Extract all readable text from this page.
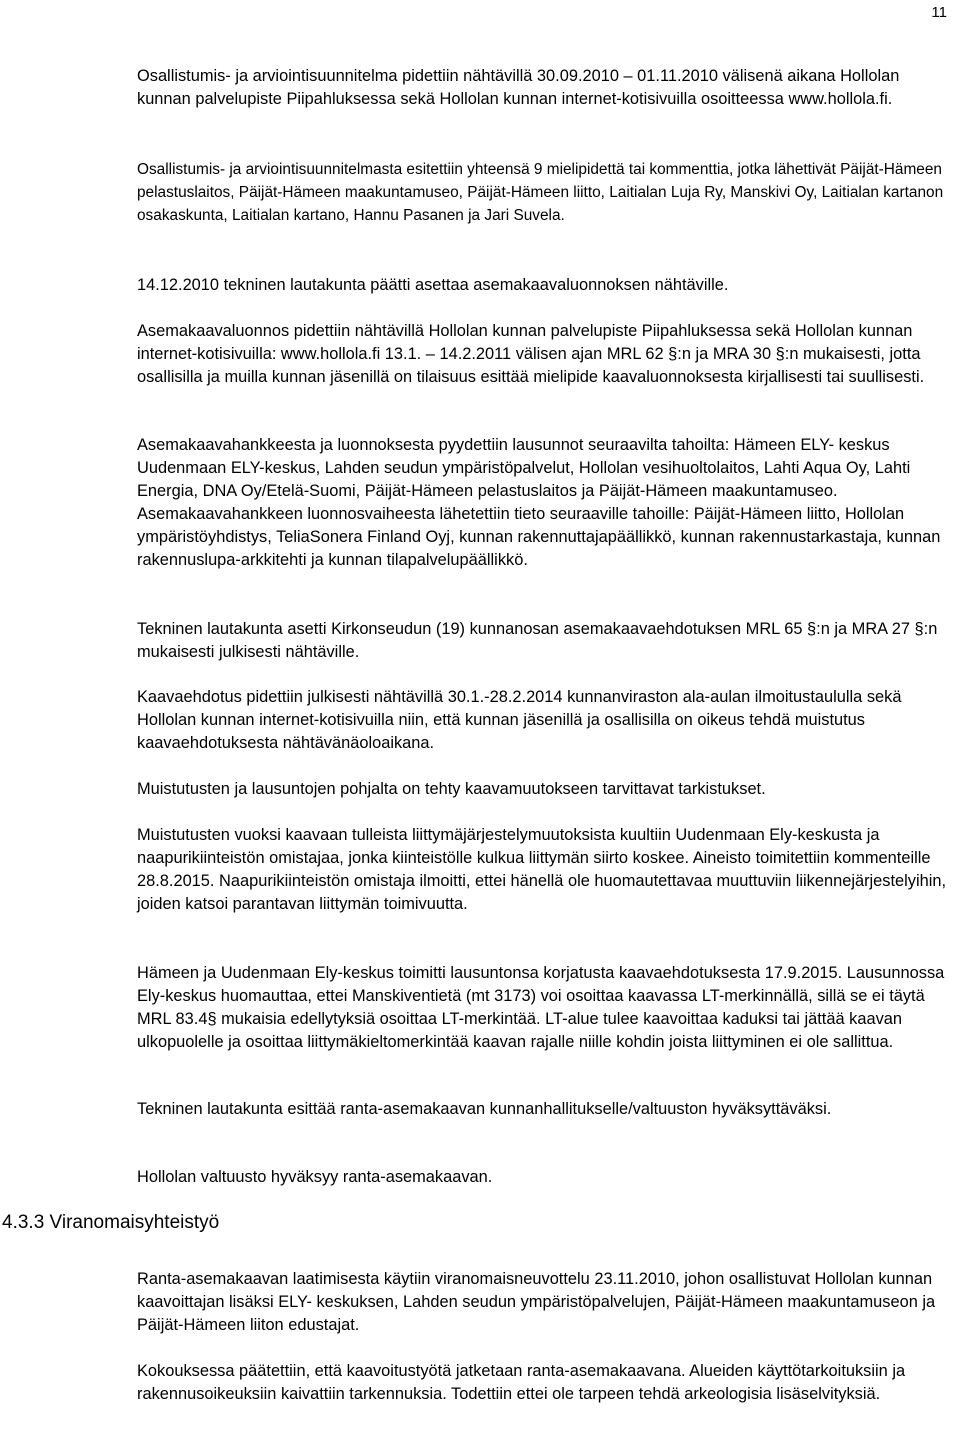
11

Osallistumis- ja arviointisuunnitelma pidettiin nähtävillä 30.09.2010 – 01.11.2010 välisenä aikana Hollolan kunnan palvelupiste Piipahluksessa sekä Hollolan kunnan internet-kotisivuilla osoitteessa www.hollola.fi.

Osallistumis- ja arviointisuunnitelmasta esitettiin yhteensä 9 mielipidettä tai kommenttia, jotka lähettivät Päijät-Hämeen pelastuslaitos, Päijät-Hämeen maakuntamuseo, Päijät-Hämeen liitto, Laitialan Luja Ry, Manskivi Oy, Laitialan kartanon osakaskunta, Laitialan kartano, Hannu Pasanen ja Jari Suvela.

14.12.2010 tekninen lautakunta päätti asettaa asemakaavaluonnoksen nähtäville.

Asemakaavaluonnos pidettiin nähtävillä Hollolan kunnan palvelupiste Piipahluksessa sekä Hollolan kunnan internet-kotisivuilla: www.hollola.fi 13.1. – 14.2.2011 välisen ajan MRL 62 §:n ja MRA 30 §:n mukaisesti, jotta osallisilla ja muilla kunnan jäsenillä on tilaisuus esittää mielipide kaavaluonnoksesta kirjallisesti tai suullisesti.

Asemakaavahankkeesta ja luonnoksesta pyydettiin lausunnot seuraavilta tahoilta: Hämeen ELY- keskus Uudenmaan ELY-keskus, Lahden seudun ympäristöpalvelut, Hollolan vesihuoltolaitos, Lahti Aqua Oy, Lahti Energia, DNA Oy/Etelä-Suomi, Päijät-Hämeen pelastuslaitos ja Päijät-Hämeen maakuntamuseo. Asemakaavahankkeen luonnosvaiheesta lähetettiin tieto seuraaville tahoille: Päijät-Hämeen liitto, Hollolan ympäristöyhdistys, TeliaSonera Finland Oyj, kunnan rakennuttajapäällikkö, kunnan rakennustarkastaja, kunnan rakennuslupa-arkkitehti ja kunnan tilapalvelupäällikkö.

Tekninen lautakunta asetti Kirkonseudun (19) kunnanosan asemakaavaehdotuksen MRL 65 §:n ja MRA 27 §:n mukaisesti julkisesti nähtäville.

Kaavaehdotus pidettiin julkisesti nähtävillä 30.1.-28.2.2014 kunnanviraston ala-aulan ilmoitustaululla sekä Hollolan kunnan internet-kotisivuilla niin, että kunnan jäsenillä ja osallisilla on oikeus tehdä muistutus kaavaehdotuksesta nähtävänäoloaikana.

Muistutusten ja lausuntojen pohjalta on tehty kaavamuutokseen tarvittavat tarkistukset.

Muistutusten vuoksi kaavaan tulleista liittymäjärjestelymuutoksista kuultiin Uudenmaan Ely-keskusta ja naapurikiinteistön omistajaa, jonka kiinteistölle kulkua liittymän siirto koskee. Aineisto toimitettiin kommenteille 28.8.2015. Naapurikiinteistön omistaja ilmoitti, ettei hänellä ole huomautettavaa muuttuviin liikennejärjestelyihin, joiden katsoi parantavan liittymän toimivuutta.

Hämeen ja Uudenmaan Ely-keskus toimitti lausuntonsa korjatusta kaavaehdotuksesta 17.9.2015. Lausunnossa Ely-keskus huomauttaa, ettei Manskiventietä (mt 3173) voi osoittaa kaavassa LT-merkinnällä, sillä se ei täytä MRL 83.4§ mukaisia edellytyksiä osoittaa LT-merkintää. LT-alue tulee kaavoittaa kaduksi tai jättää kaavan ulkopuolelle ja osoittaa liittymäkieltomerkintää kaavan rajalle niille kohdin joista liittyminen ei ole sallittua.

Tekninen lautakunta esittää ranta-asemakaavan kunnanhallitukselle/valtuuston hyväksyttäväksi.

Hollolan valtuusto hyväksyy ranta-asemakaavan.

4.3.3 Viranomaisyhteistyö

Ranta-asemakaavan laatimisesta käytiin viranomaisneuvottelu 23.11.2010, johon osallistuvat Hollolan kunnan kaavoittajan lisäksi ELY- keskuksen, Lahden seudun ympäristöpalvelujen, Päijät-Hämeen maakuntamuseon ja Päijät-Hämeen liiton edustajat.

Kokouksessa päätettiin, että kaavoitustyötä jatketaan ranta-asemakaavana. Alueiden käyttötarkoituksiin ja rakennusoikeuksiin kaivattiin tarkennuksia. Todettiin ettei ole tarpeen tehdä arkeologisia lisäselvityksiä.
